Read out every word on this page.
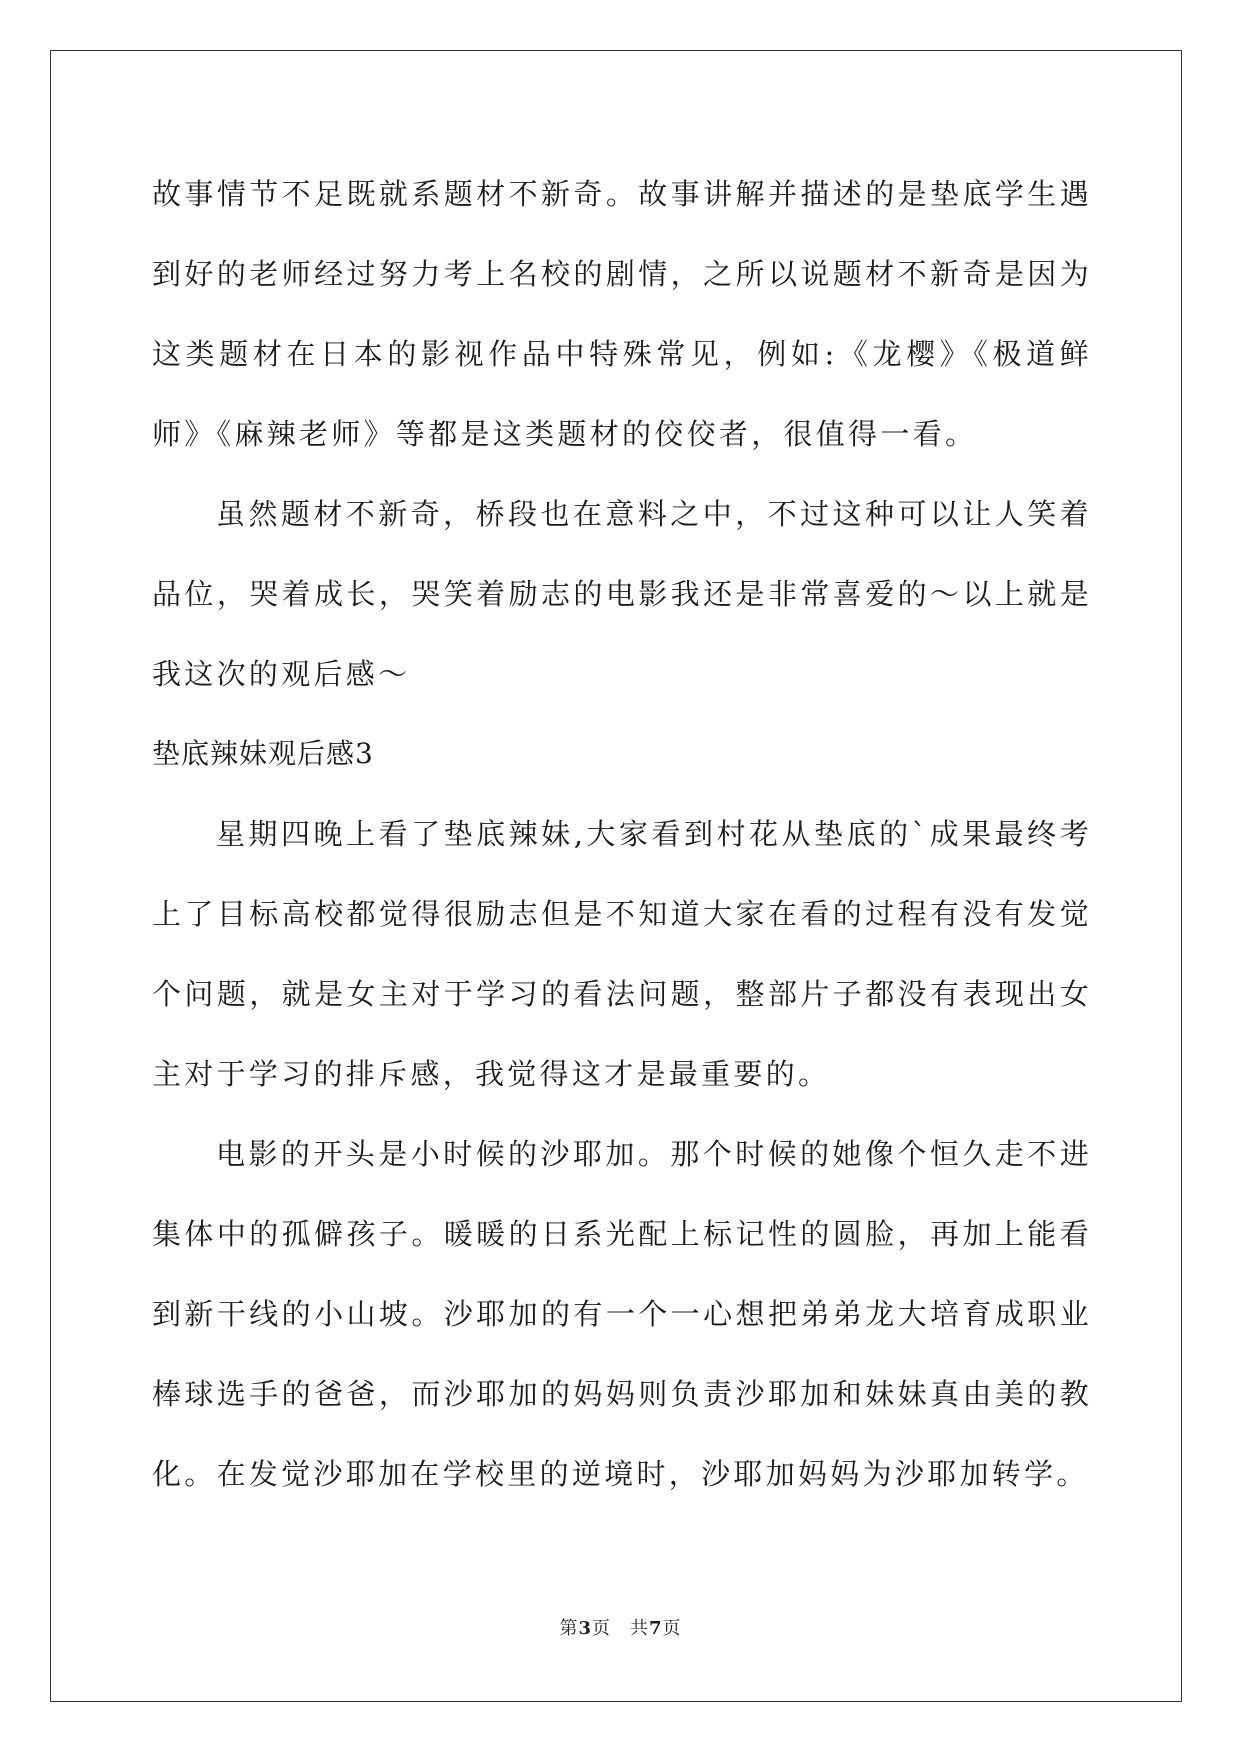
故事情节不足既就系题材不新奇。故事讲解并描述的是垫底学生遇到好的老师经过努力考上名校的剧情，之所以说题材不新奇是因为这类题材在日本的影视作品中特殊常见，例如:《龙樱》《极道鲜师》《麻辣老师》等都是这类题材的佼佼者，很值得一看。

虽然题材不新奇，桥段也在意料之中，不过这种可以让人笑着品位，哭着成长，哭笑着励志的电影我还是非常喜爱的～以上就是我这次的观后感～

垫底辣妹观后感3

星期四晚上看了垫底辣妹,大家看到村花从垫底的`成果最终考上了目标高校都觉得很励志但是不知道大家在看的过程有没有发觉个问题，就是女主对于学习的看法问题，整部片子都没有表现出女主对于学习的排斥感，我觉得这才是最重要的。

电影的开头是小时候的沙耶加。那个时候的她像个恒久走不进集体中的孤僻孩子。暖暖的日系光配上标记性的圆脸，再加上能看到新干线的小山坡。沙耶加的有一个一心想把弟弟龙大培育成职业棒球选手的爸爸，而沙耶加的妈妈则负责沙耶加和妹妹真由美的教化。在发觉沙耶加在学校里的逆境时，沙耶加妈妈为沙耶加转学。

第3页　共7页
